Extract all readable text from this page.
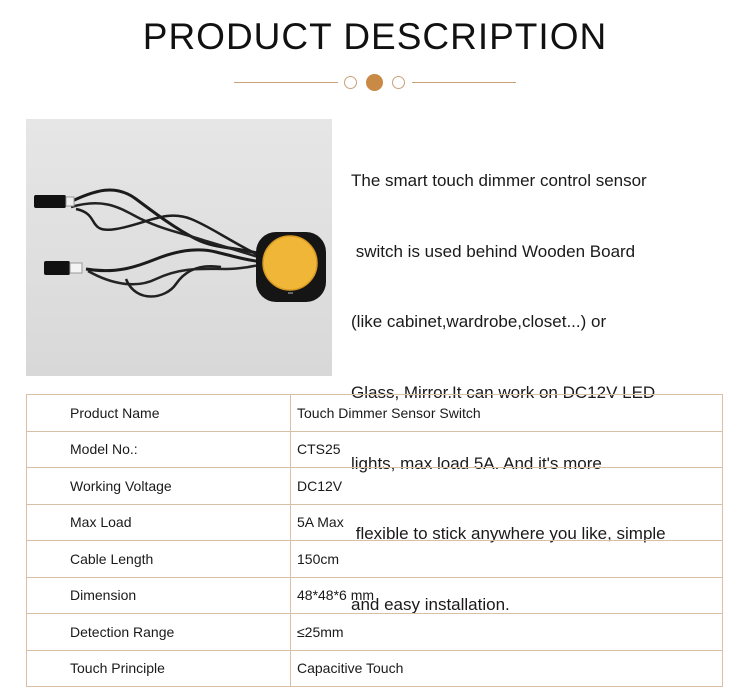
PRODUCT DESCRIPTION

The smart touch dimmer control sensor

switch is used behind Wooden Board

(like cabinet,wardrobe,closet...) or

Glass, Mirror.It can work on DC12V LED

lights, max load 5A. And it's more

flexible to stick anywhere you like, simple

and easy installation.

Product Name	Touch Dimmer Sensor Switch
Model No.:	CTS25
Working Voltage	DC12V
Max Load	5A Max
Cable Length	150cm
Dimension	48*48*6 mm
Detection Range	≤25mm
Touch Principle	Capacitive Touch
